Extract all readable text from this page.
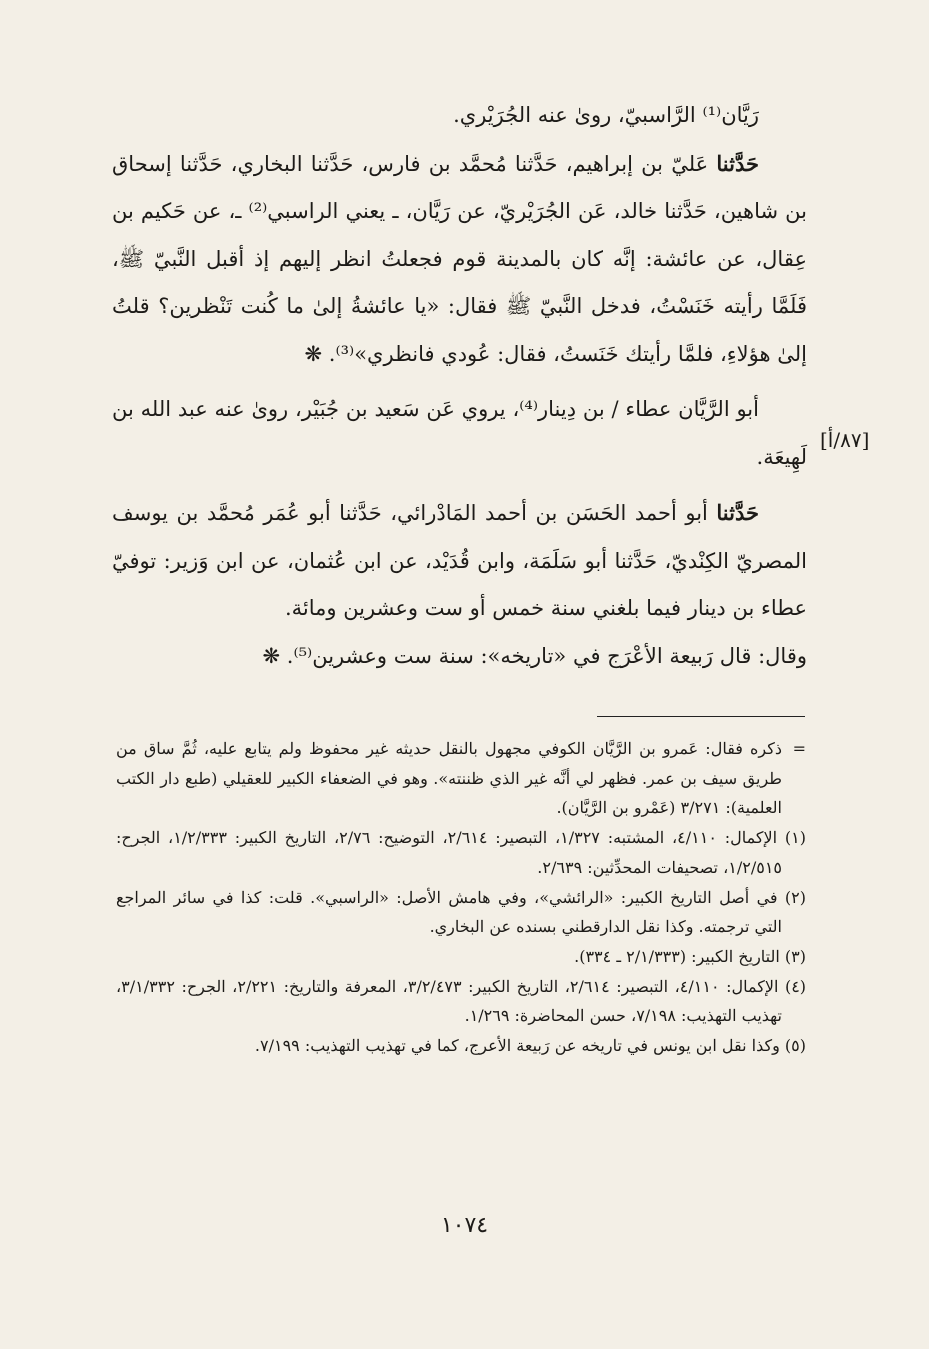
رَيَّان⁽¹⁾ الرَّاسبيّ، روىٰ عنه الجُرَيْري.

حَدَّثنا عَليّ بن إبراهيم، حَدَّثنا مُحمَّد بن فارس، حَدَّثنا البخاري، حَدَّثنا إسحاق بن شاهين، حَدَّثنا خالد، عَن الجُرَيْريّ، عن رَيَّان، ـ يعني الراسبي⁽²⁾ ـ، عن حَكيم بن عِقال، عن عائشة: إنَّه كان بالمدينة قوم فجعلتُ انظر إليهم إذ أقبل النَّبيّ ﷺ، فَلَمَّا رأيته خَنَسْتُ، فدخل النَّبيّ ﷺ فقال: «يا عائشةُ إلىٰ ما كُنت تَنْظرين؟ قلتُ إلىٰ هؤلاءِ، فلمَّا رأيتك خَنَستُ، فقال: عُودي فانظري»⁽³⁾. ❋

أبو الرَّيَّان عطاء / بن دِينار⁽⁴⁾، يروي عَن سَعيد بن جُبَيْر، روىٰ عنه عبد الله بن لَهِيعَة.

حَدَّثنا أبو أحمد الحَسَن بن أحمد المَادْرائي، حَدَّثنا أبو عُمَر مُحمَّد بن يوسف المصريّ الكِنْديّ، حَدَّثنا أبو سَلَمَة، وابن قُدَيْد، عن ابن عُثمان، عن ابن وَزير: توفيّ عطاء بن دينار فيما بلغني سنة خمس أو ست وعشرين ومائة.

وقال: قال رَبيعة الأعْرَج في «تاريخه»: سنة ست وعشرين⁽⁵⁾. ❋

[٨٧/أ]

=
ذكره فقال: عَمرو بن الرَّيَّان الكوفي مجهول بالنقل حديثه غير محفوظ ولم يتابع عليه، ثُمَّ ساق من طريق سيف بن عمر. فظهر لي أنَّه غير الذي ظننته». وهو في الضعفاء الكبير للعقيلي (طبع دار الكتب العلمية): ٣/٢٧١ (عَمْرو بن الرَّيَّان).

(١) الإكمال: ٤/١١٠، المشتبه: ١/٣٢٧، التبصير: ٢/٦١٤، التوضيح: ٢/٧٦، التاريخ الكبير: ١/٢/٣٣٣، الجرح: ١/٢/٥١٥، تصحيفات المحدِّثين: ٢/٦٣٩.

(٢) في أصل التاريخ الكبير: «الرائشي»، وفي هامش الأصل: «الراسبي». قلت: كذا في سائر المراجع التي ترجمته. وكذا نقل الدارقطني بسنده عن البخاري.

(٣) التاريخ الكبير: (٢/١/٣٣٣ ـ ٣٣٤).

(٤) الإكمال: ٤/١١٠، التبصير: ٢/٦١٤، التاريخ الكبير: ٣/٢/٤٧٣، المعرفة والتاريخ: ٢/٢٢١، الجرح: ٣/١/٣٣٢، تهذيب التهذيب: ٧/١٩٨، حسن المحاضرة: ١/٢٦٩.

(٥) وكذا نقل ابن يونس في تاريخه عن رَبيعة الأعرج، كما في تهذيب التهذيب: ٧/١٩٩.

١٠٧٤
